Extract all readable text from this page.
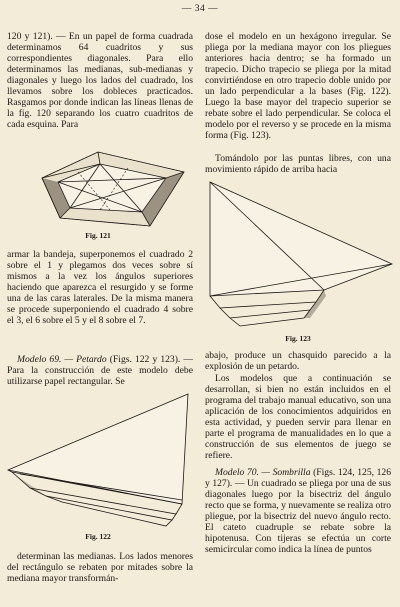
— 34 —

120 y 121). — En un papel de forma cuadrada determinamos 64 cuadritos y sus correspondientes diagonales. Para ello determinamos las medianas, sub-medianas y diagonales y luego los lados del cuadrado, los llevamos sobre los dobleces practicados. Rasgamos por donde indican las líneas llenas de la fig. 120 separando los cuatro cuadritos de cada esquina. Para

Fig. 121

armar la bandeja, superponemos el cuadrado 2 sobre el 1 y plegamos dos veces sobre sí mismos a la vez los ángulos superiores haciendo que aparezca el resurgido y se forme una de las caras laterales. De la misma manera se procede superponiendo el cuadrado 4 sobre el 3, el 6 sobre el 5 y el 8 sobre el 7.

Modelo 69. — Petardo (Figs. 122 y 123). — Para la construcción de este modelo debe utilizarse papel rectangular. Se

Fig. 122

determinan las medianas. Los lados menores del rectángulo se rebaten por mitades sobre la mediana mayor transformán-

dose el modelo en un hexágono irregular. Se pliega por la mediana mayor con los pliegues anteriores hacia dentro; se ha formado un trapecio. Dicho trapecio se pliega por la mitad convirtiéndose en otro trapecio doble unido por un lado perpendicular a la bases (Fig. 122). Luego la base mayor del trapecio superior se rebate sobre el lado perpendicular. Se coloca el modelo por el reverso y se procede en la misma forma (Fig. 123).

Tomándolo por las puntas libres, con una movimiento rápido de arriba hacia

Fig. 123

abajo, produce un chasquido parecido a la explosión de un petardo.

Los modelos que a continuación se desarrollan, si bien no están incluidos en el programa del trabajo manual educativo, son una aplicación de los conocimientos adquiridos en esta actividad, y pueden servir para llenar en parte el programa de manualidades en lo que a construcción de sus elementos de juego se refiere.

Modelo 70. — Sombrilla (Figs. 124, 125, 126 y 127). — Un cuadrado se pliega por una de sus diagonales luego por la bisectriz del ángulo recto que se forma, y nuevamente se realiza otro pliegue, por la bisectriz del nuevo ángulo recto. El cateto cuadruple se rebate sobre la hipotenusa. Con tijeras se efectúa un corte semicircular como indica la línea de puntos
